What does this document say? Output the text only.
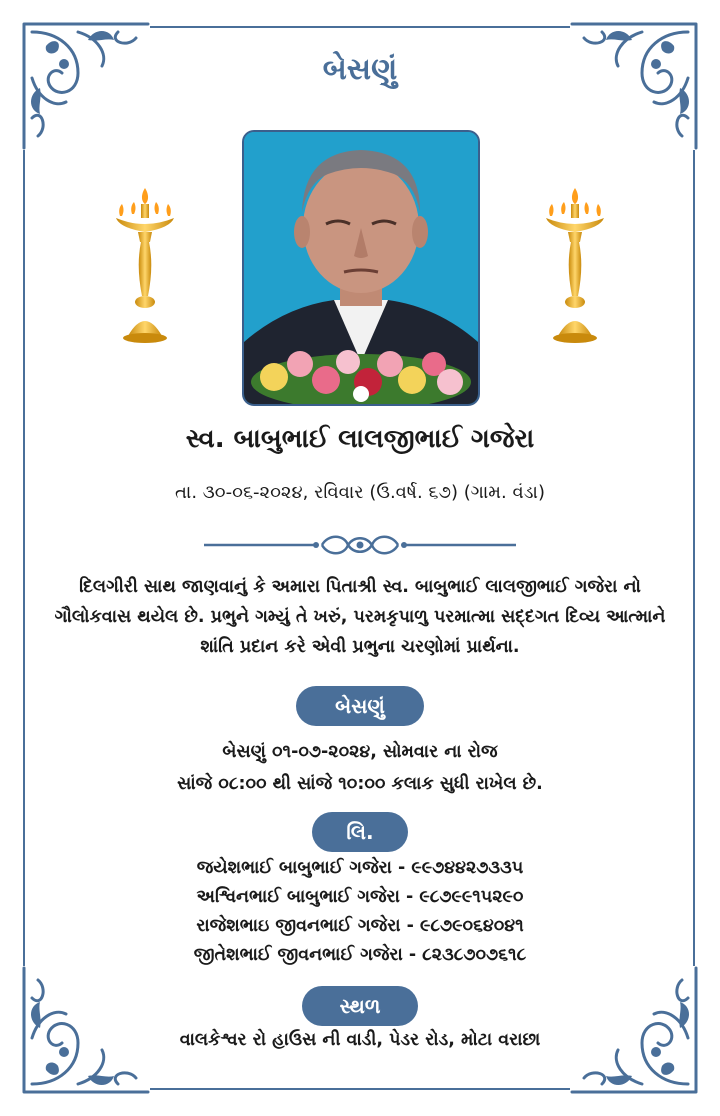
બેસણું
સ્વ. બાબુભાઈ લાલજીભાઈ ગજેરા
તા. ૩૦-૦૬-૨૦૨૪, રવિવાર (ઉ.વર્ષ. ૬૭) (ગામ. વંડા)
દિલગીરી સાથ જાણવાનું કે અમારા પિતાશ્રી સ્વ. બાબુભાઈ લાલજીભાઈ ગજેરા નો ગૌલોકવાસ થયેલ છે. પ્રભુને ગમ્યું તે ખરું, પરમકૃપાળુ પરમાત્મા સદ્દગત દિવ્ય આત્માને શાંતિ પ્રદાન કરે એવી પ્રભુના ચરણોમાં પ્રાર્થના.
બેસણું
બેસણું ૦૧-૦૭-૨૦૨૪, સોમવાર ના રોજ
સાંજે ૦૮:૦૦ થી સાંજે ૧૦:૦૦ કલાક સુધી રાખેલ છે.
લિ.
જયેશભાઈ બાબુભાઈ ગજેરા - ૯૯૭૪૪૨૭૩૩૫
અશ્વિનભાઈ બાબુભાઈ ગજેરા - ૯૮૭૯૯૧૫૨૯૦
રાજેશભાઇ જીવનભાઈ ગજેરા - ૯૮૭૯૦૬૪૦૪૧
જીતેશભાઈ જીવનભાઈ ગજેરા - ૮૨૩૮૭૦૭૬૧૮
સ્થળ
વાલકેશ્વર રો હાઉસ ની વાડી, પેડર રોડ, મોટા વરાછા
